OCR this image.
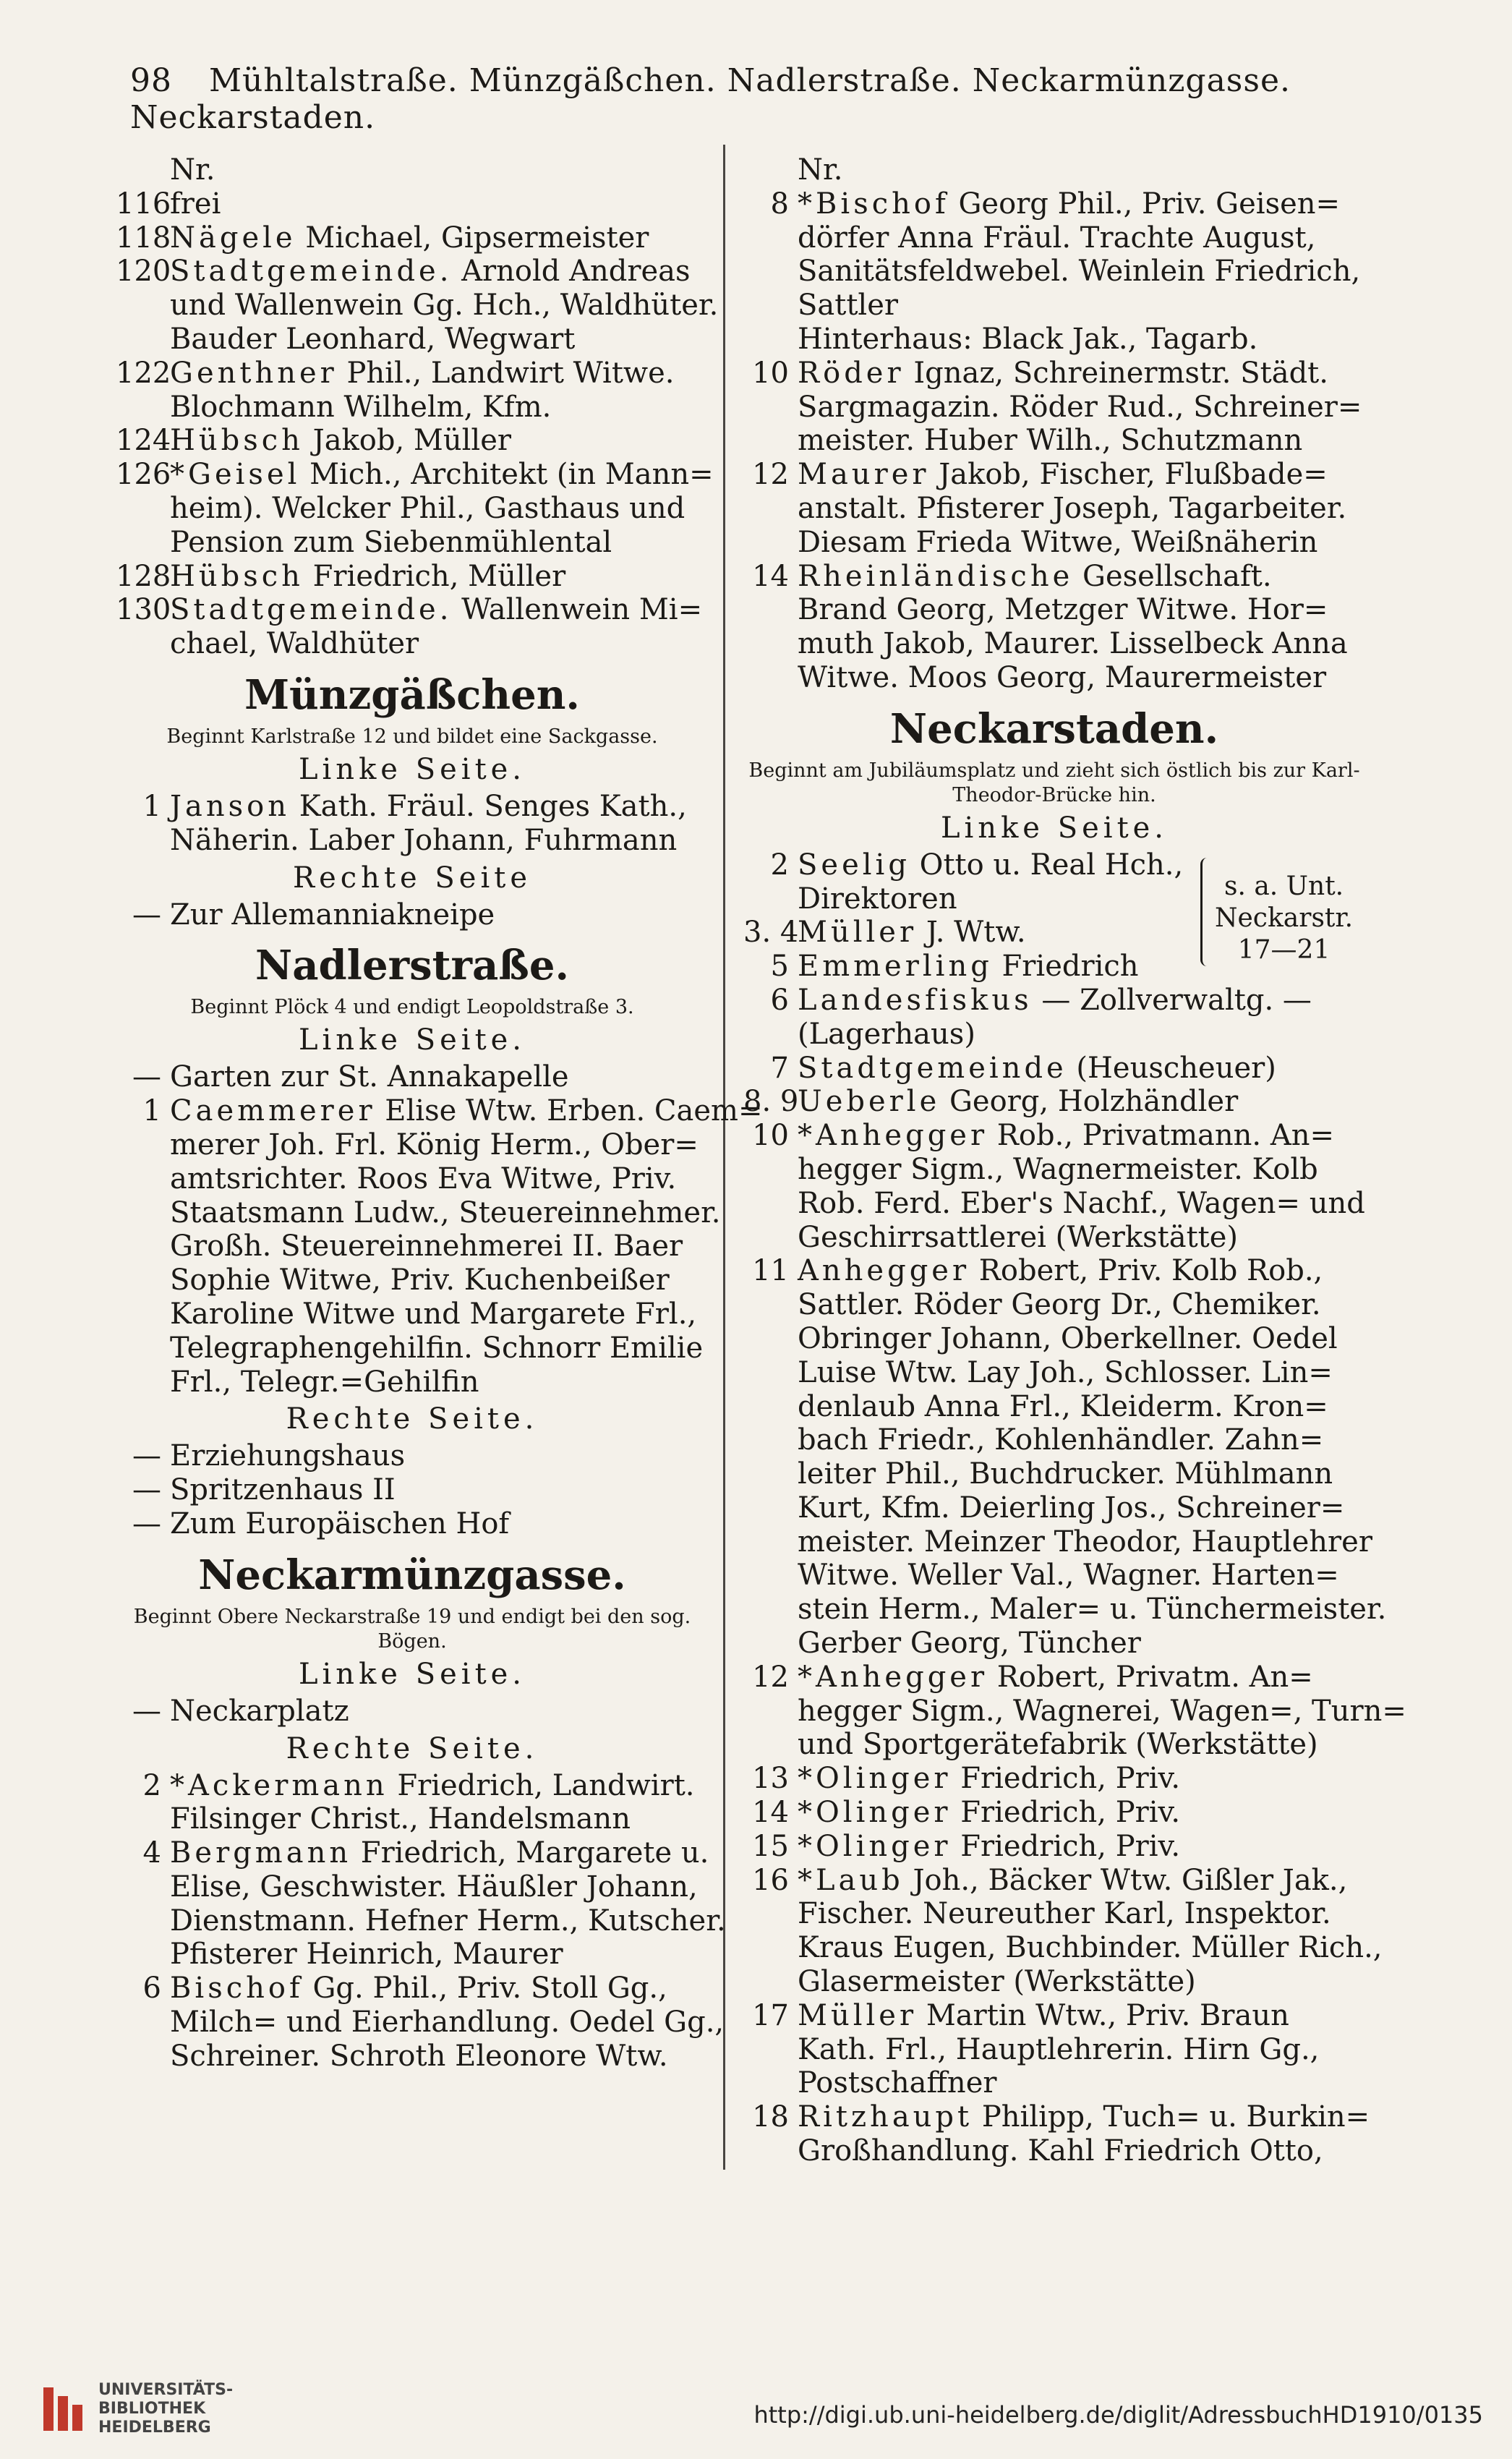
98 Mühltalstraße. Münzgäßchen. Nadlerstraße. Neckarmünzgasse. Neckarstaden.
Nr.
116frei
118Nägele Michael, Gipsermeister
120Stadtgemeinde. Arnold Andreas
und Wallenwein Gg. Hch., Waldhüter.
Bauder Leonhard, Wegwart
122Genthner Phil., Landwirt Witwe.
Blochmann Wilhelm, Kfm.
124Hübsch Jakob, Müller
126*Geisel Mich., Architekt (in Mann=
heim). Welcker Phil., Gasthaus und
Pension zum Siebenmühlental
128Hübsch Friedrich, Müller
130Stadtgemeinde. Wallenwein Mi=
chael, Waldhüter
Münzgäßchen.
Beginnt Karlstraße 12 und bildet eine Sackgasse.
Linke Seite.
1 Janson Kath. Fräul. Senges Kath.,
Näherin. Laber Johann, Fuhrmann
Rechte Seite
— Zur Allemanniakneipe
Nadlerstraße.
Beginnt Plöck 4 und endigt Leopoldstraße 3.
Linke Seite.
— Garten zur St. Annakapelle
1 Caemmerer Elise Wtw. Erben. Caem=
merer Joh. Frl. König Herm., Ober=
amtsrichter. Roos Eva Witwe, Priv.
Staatsmann Ludw., Steuereinnehmer.
Großh. Steuereinnehmerei II. Baer
Sophie Witwe, Priv. Kuchenbeißer
Karoline Witwe und Margarete Frl.,
Telegraphengehilfin. Schnorr Emilie
Frl., Telegr.=Gehilfin
Rechte Seite.
— Erziehungshaus
— Spritzenhaus II
— Zum Europäischen Hof
Neckarmünzgasse.
Beginnt Obere Neckarstraße 19 und endigt bei den sog. Bögen.
Linke Seite.
— Neckarplatz
Rechte Seite.
2 *Ackermann Friedrich, Landwirt.
Filsinger Christ., Handelsmann
4 Bergmann Friedrich, Margarete u.
Elise, Geschwister. Häußler Johann,
Dienstmann. Hefner Herm., Kutscher.
Pfisterer Heinrich, Maurer
6 Bischof Gg. Phil., Priv. Stoll Gg.,
Milch= und Eierhandlung. Oedel Gg.,
Schreiner. Schroth Eleonore Wtw.
Nr.
8 *Bischof Georg Phil., Priv. Geisen=
dörfer Anna Fräul. Trachte August,
Sanitätsfeldwebel. Weinlein Friedrich,
Sattler
Hinterhaus: Black Jak., Tagarb.
10 Röder Ignaz, Schreinermstr. Städt.
Sargmagazin. Röder Rud., Schreiner=
meister. Huber Wilh., Schutzmann
12 Maurer Jakob, Fischer, Flußbade=
anstalt. Pfisterer Joseph, Tagarbeiter.
Diesam Frieda Witwe, Weißnäherin
14 Rheinländische Gesellschaft.
Brand Georg, Metzger Witwe. Hor=
muth Jakob, Maurer. Lisselbeck Anna
Witwe. Moos Georg, Maurermeister
Neckarstaden.
Beginnt am Jubiläumsplatz und zieht sich östlich bis zur Karl-Theodor-Brücke hin.
Linke Seite.
2 Seelig Otto u. Real Hch.,
Direktoren
3. 4Müller J. Wtw.
5 Emmerling Friedrich
6 Landesfiskus — Zollverwaltg. —
(Lagerhaus)
7 Stadtgemeinde (Heuscheuer)
8. 9Ueberle Georg, Holzhändler
10 *Anhegger Rob., Privatmann. An=
hegger Sigm., Wagnermeister. Kolb
Rob. Ferd. Eber's Nachf., Wagen= und
Geschirrsattlerei (Werkstätte)
11 Anhegger Robert, Priv. Kolb Rob.,
Sattler. Röder Georg Dr., Chemiker.
Obringer Johann, Oberkellner. Oedel
Luise Wtw. Lay Joh., Schlosser. Lin=
denlaub Anna Frl., Kleiderm. Kron=
bach Friedr., Kohlenhändler. Zahn=
leiter Phil., Buchdrucker. Mühlmann
Kurt, Kfm. Deierling Jos., Schreiner=
meister. Meinzer Theodor, Hauptlehrer
Witwe. Weller Val., Wagner. Harten=
stein Herm., Maler= u. Tünchermeister.
Gerber Georg, Tüncher
12 *Anhegger Robert, Privatm. An=
hegger Sigm., Wagnerei, Wagen=, Turn=
und Sportgerätefabrik (Werkstätte)
13 *Olinger Friedrich, Priv.
14 *Olinger Friedrich, Priv.
15 *Olinger Friedrich, Priv.
16 *Laub Joh., Bäcker Wtw. Gißler Jak.,
Fischer. Neureuther Karl, Inspektor.
Kraus Eugen, Buchbinder. Müller Rich.,
Glasermeister (Werkstätte)
17 Müller Martin Wtw., Priv. Braun
Kath. Frl., Hauptlehrerin. Hirn Gg.,
Postschaffner
18 Ritzhaupt Philipp, Tuch= u. Burkin=
Großhandlung. Kahl Friedrich Otto,
s. a. Unt.
Neckarstr.
17—21
UNIVERSITÄTS-
BIBLIOTHEK
HEIDELBERG	http://digi.ub.uni-heidelberg.de/diglit/AdressbuchHD1910/0135
